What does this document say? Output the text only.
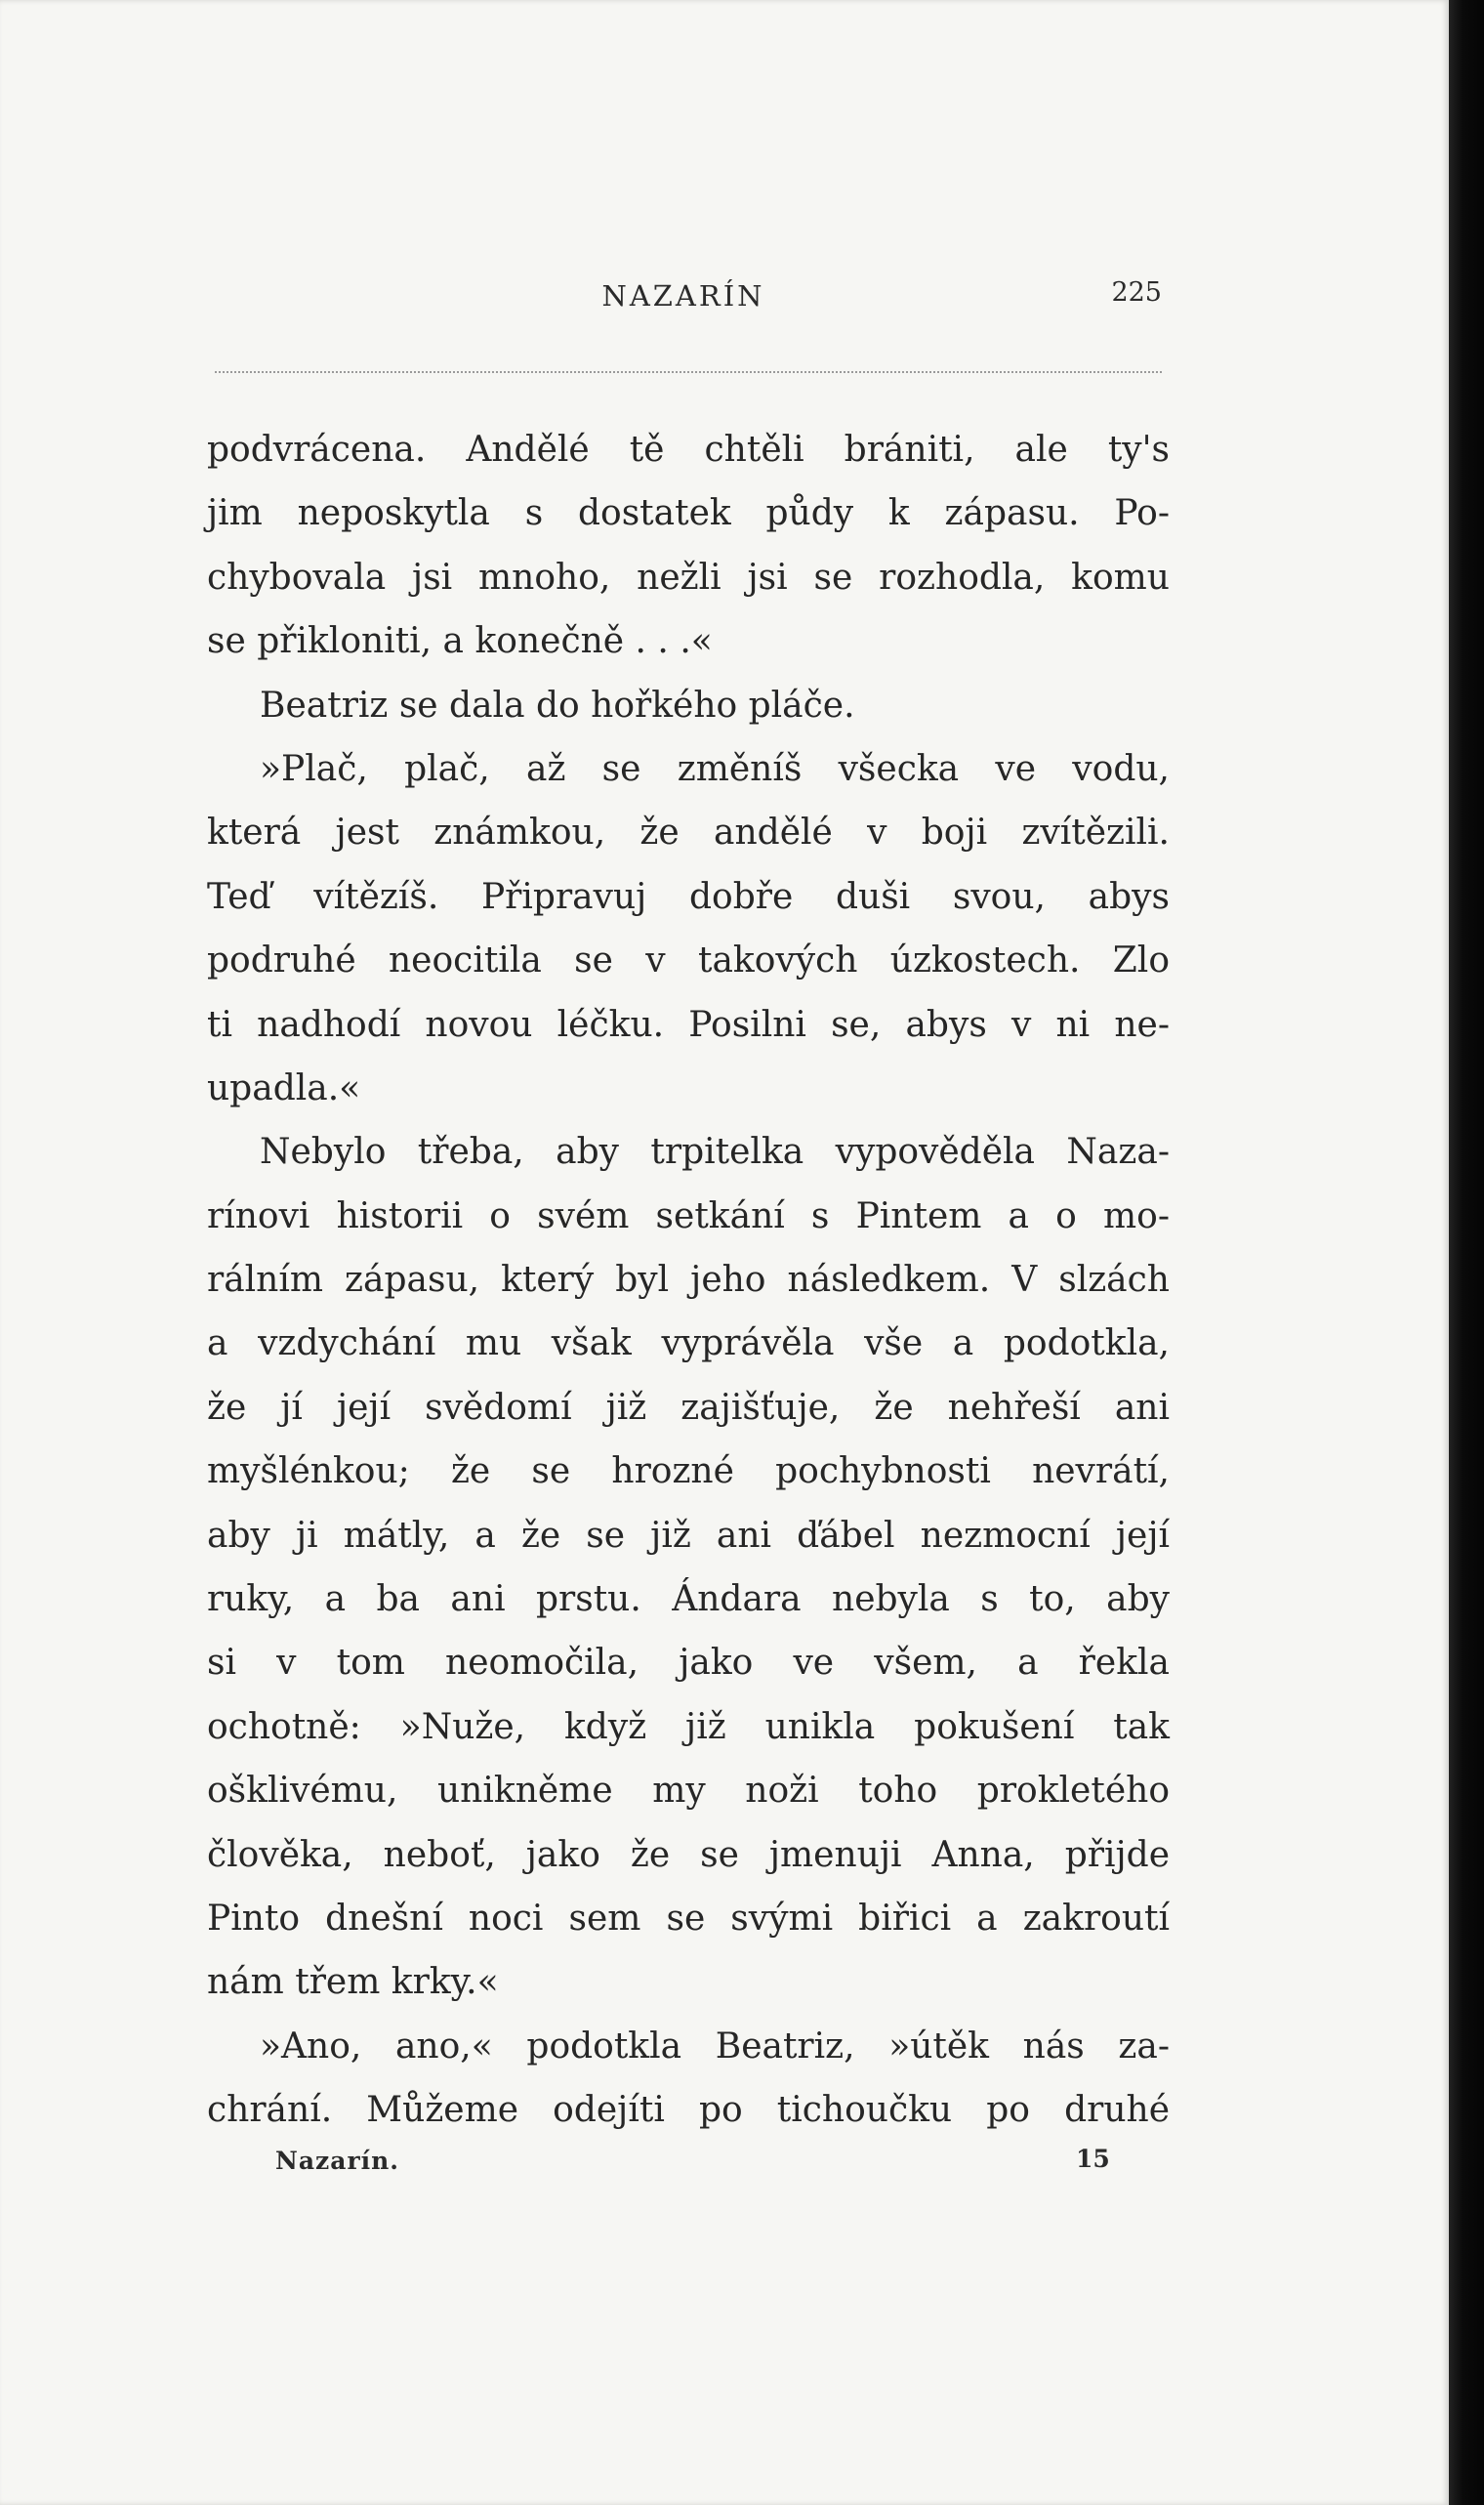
NAZARÍN	225
podvrácena. Andělé tě chtěli brániti, ale ty's
jim neposkytla s dostatek půdy k zápasu. Po-
chybovala jsi mnoho, nežli jsi se rozhodla, komu
se přikloniti, a konečně . . .«
Beatriz se dala do hořkého pláče.
»Plač, plač, až se změníš všecka ve vodu,
která jest známkou, že andělé v boji zvítězili.
Teď vítězíš. Připravuj dobře duši svou, abys
podruhé neocitila se v takových úzkostech. Zlo
ti nadhodí novou léčku. Posilni se, abys v ni ne-
upadla.«
Nebylo třeba, aby trpitelka vypověděla Naza-
rínovi historii o svém setkání s Pintem a o mo-
rálním zápasu, který byl jeho následkem. V slzách
a vzdychání mu však vyprávěla vše a podotkla,
že jí její svědomí již zajišťuje, že nehřeší ani
myšlénkou; že se hrozné pochybnosti nevrátí,
aby ji mátly, a že se již ani ďábel nezmocní její
ruky, a ba ani prstu. Ándara nebyla s to, aby
si v tom neomočila, jako ve všem, a řekla
ochotně: »Nuže, když již unikla pokušení tak
ošklivému, unikněme my noži toho prokletého
člověka, neboť, jako že se jmenuji Anna, přijde
Pinto dnešní noci sem se svými biřici a zakroutí
nám třem krky.«
»Ano, ano,« podotkla Beatriz, »útěk nás za-
chrání. Můžeme odejíti po tichoučku po druhé
Nazarín.	15
